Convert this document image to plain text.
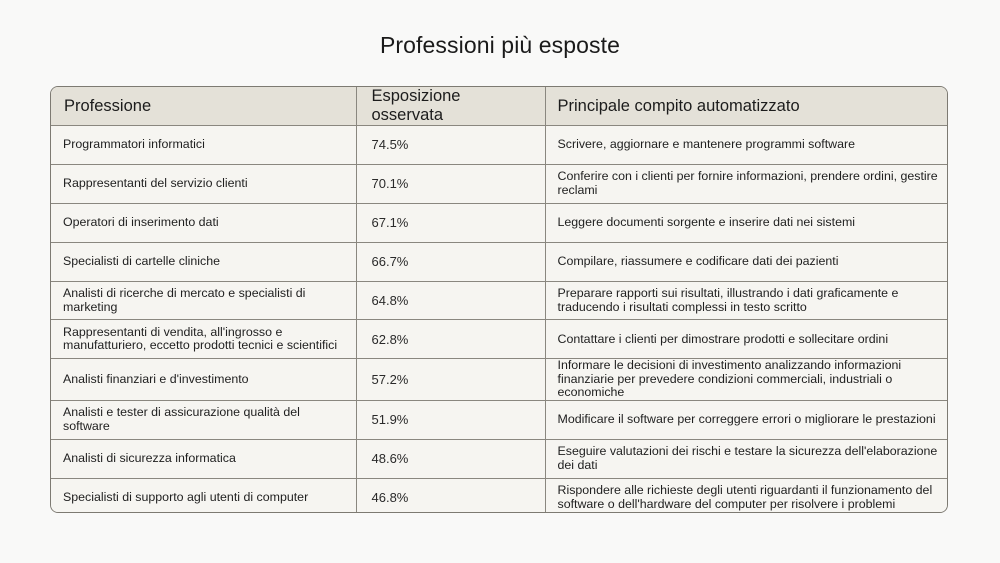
Professioni più esposte
Professione	Esposizione osservata	Principale compito automatizzato
Programmatori informatici	74.5%	Scrivere, aggiornare e mantenere programmi software
Rappresentanti del servizio clienti	70.1%	Conferire con i clienti per fornire informazioni, prendere ordini, gestire reclami
Operatori di inserimento dati	67.1%	Leggere documenti sorgente e inserire dati nei sistemi
Specialisti di cartelle cliniche	66.7%	Compilare, riassumere e codificare dati dei pazienti
Analisti di ricerche di mercato e specialisti di marketing	64.8%	Preparare rapporti sui risultati, illustrando i dati graficamente e traducendo i risultati complessi in testo scritto
Rappresentanti di vendita, all'ingrosso e manufatturiero, eccetto prodotti tecnici e scientifici	62.8%	Contattare i clienti per dimostrare prodotti e sollecitare ordini
Analisti finanziari e d'investimento	57.2%	Informare le decisioni di investimento analizzando informazioni finanziarie per prevedere condizioni commerciali, industriali o economiche
Analisti e tester di assicurazione qualità del software	51.9%	Modificare il software per correggere errori o migliorare le prestazioni
Analisti di sicurezza informatica	48.6%	Eseguire valutazioni dei rischi e testare la sicurezza dell'elaborazione dei dati
Specialisti di supporto agli utenti di computer	46.8%	Rispondere alle richieste degli utenti riguardanti il funzionamento del software o dell'hardware del computer per risolvere i problemi
